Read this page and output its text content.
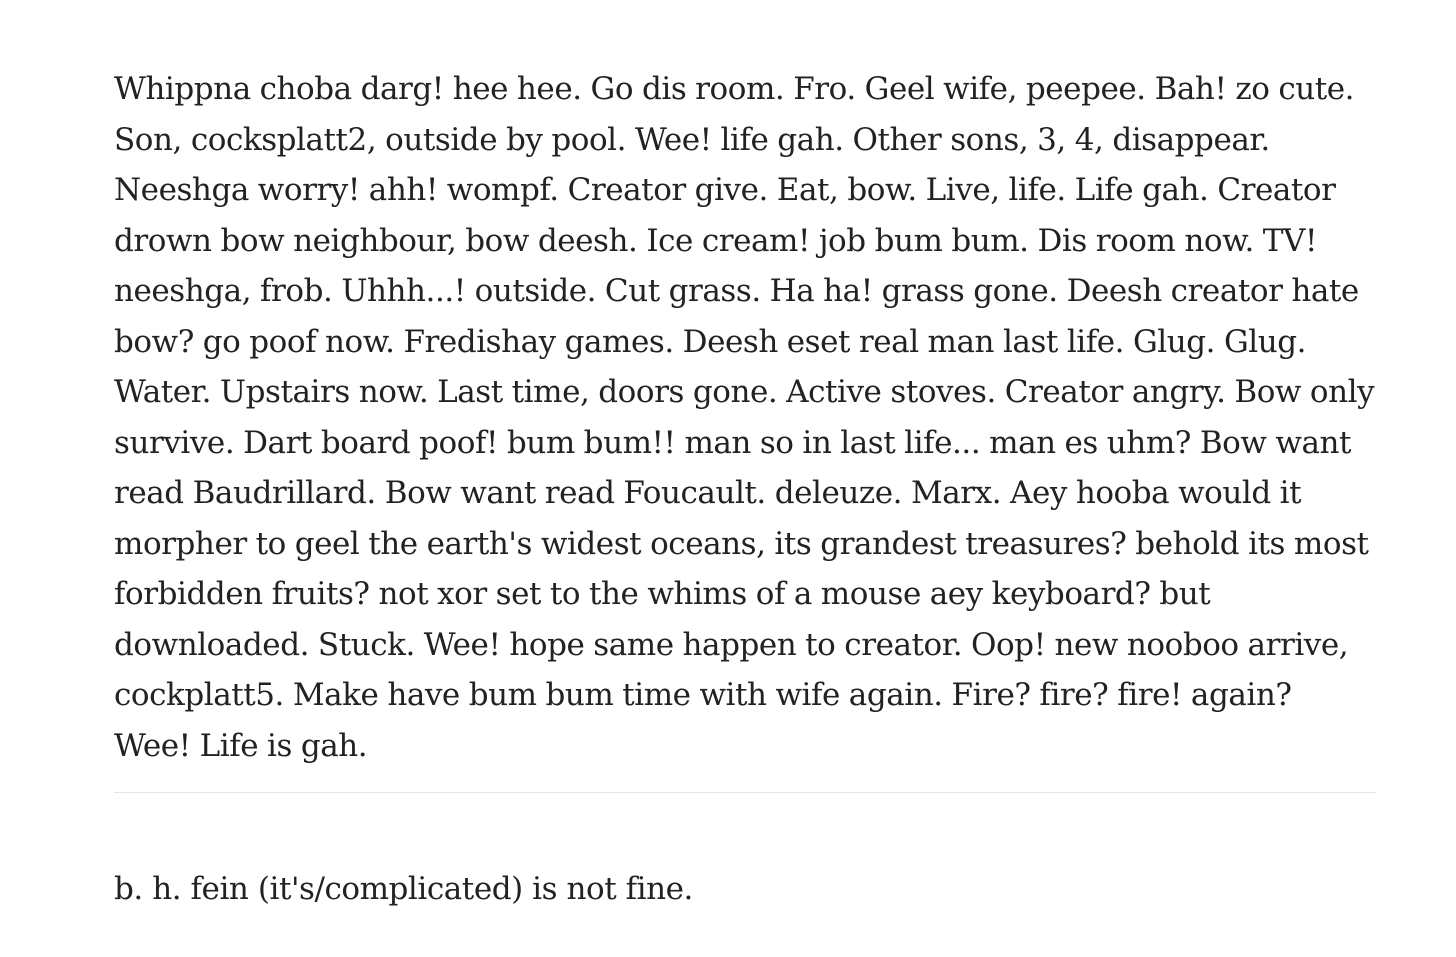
Whippna choba darg! hee hee. Go dis room. Fro. Geel wife, peepee. Bah! zo cute. Son, cocksplatt2, outside by pool. Wee! life gah. Other sons, 3, 4, disappear. Neeshga worry! ahh! wompf. Creator give. Eat, bow. Live, life. Life gah. Creator drown bow neighbour, bow deesh. Ice cream! job bum bum. Dis room now. TV! neeshga, frob. Uhhh...! outside. Cut grass. Ha ha! grass gone. Deesh creator hate bow? go poof now. Fredishay games. Deesh eset real man last life. Glug. Glug. Water. Upstairs now. Last time, doors gone. Active stoves. Creator angry. Bow only survive. Dart board poof! bum bum!! man so in last life... man es uhm? Bow want read Baudrillard. Bow want read Foucault. deleuze. Marx. Aey hooba would it morpher to geel the earth's widest oceans, its grandest treasures? behold its most forbidden fruits? not xor set to the whims of a mouse aey keyboard? but downloaded. Stuck. Wee! hope same happen to creator. Oop! new nooboo arrive, cockplatt5. Make have bum bum time with wife again. Fire? fire? fire! again? Wee! Life is gah.

b. h. fein (it's/complicated) is not fine.
